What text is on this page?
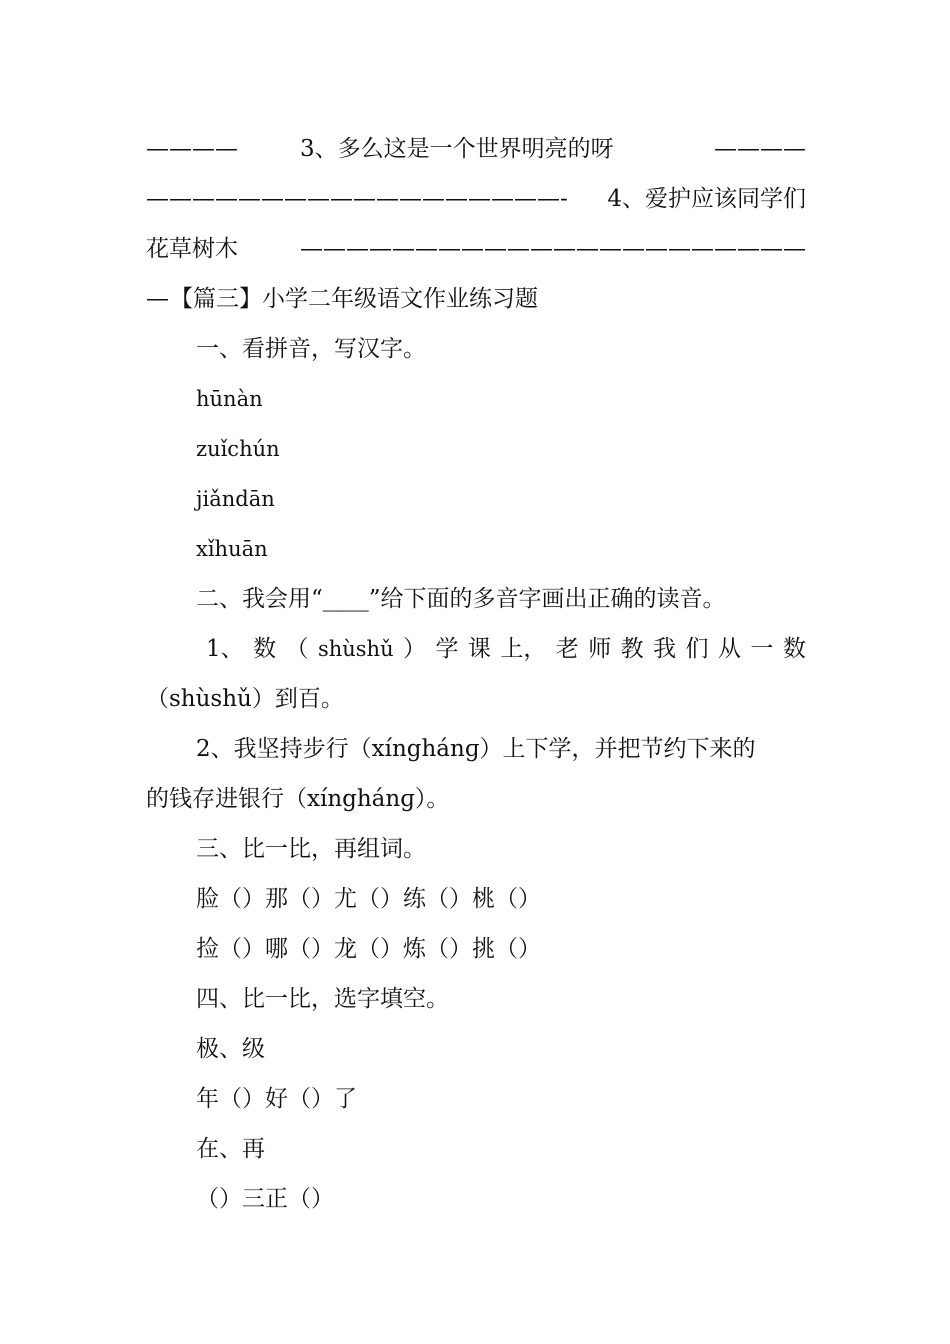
————	3、多么这是一个世界明亮的呀	————
——————————————————- 4、爱护应该同学们
花草树木	——————————————————————
— 【篇三】小学二年级语文作业练习题
一、看拼音，写汉字。
hūnàn
zuǐchún
jiǎndān
xǐhuān
二、我会用“____”给下面的多音字画出正确的读音。
1、 数 （ shùshǔ ） 学 课 上， 老 师 教 我 们 从 一 数
（shùshǔ）到百。
2、我坚持步行（xínghánɡ）上下学，并把节约下来的
的钱存进银行（xínghánɡ）。
三、比一比，再组词。
脸（）那（）尤（）练（）桃（）
捡（）哪（）龙（）炼（）挑（）
四、比一比，选字填空。
极、级
年（）好（）了
在、再
（）三正（）
